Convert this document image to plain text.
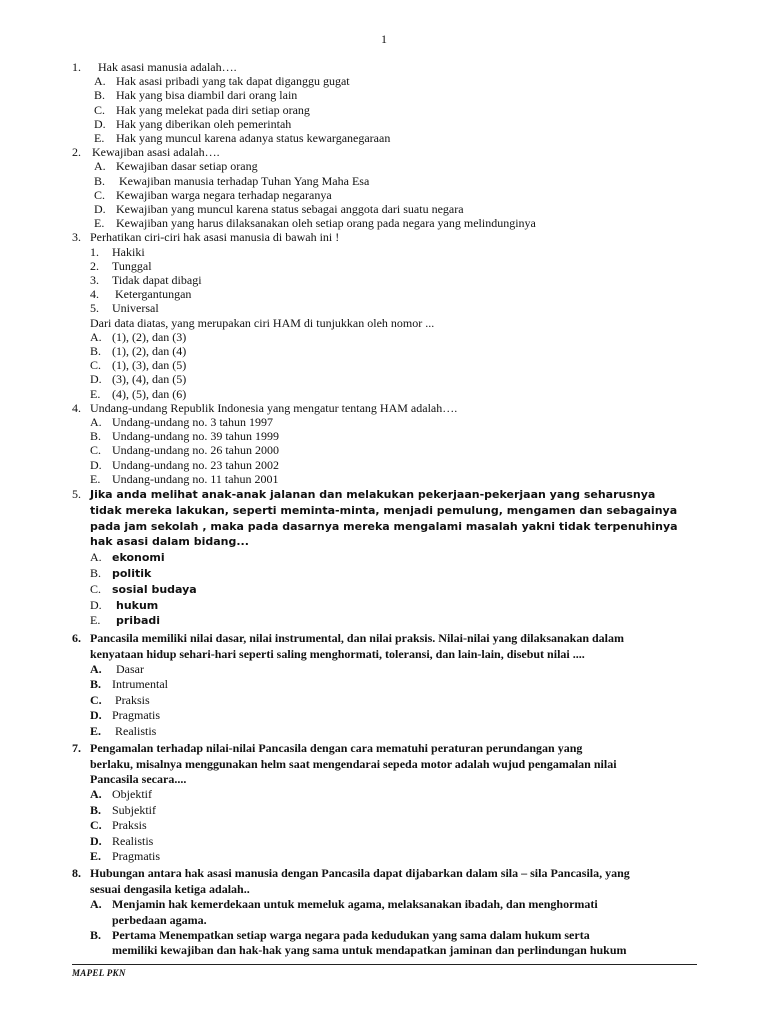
1
1. Hak asasi manusia adalah….
A. Hak asasi pribadi yang tak dapat diganggu gugat
B. Hak yang bisa diambil dari orang lain
C. Hak yang melekat pada diri setiap orang
D. Hak yang diberikan oleh pemerintah
E. Hak yang muncul karena adanya status kewarganegaraan
2. Kewajiban asasi adalah….
A. Kewajiban dasar setiap orang
B. Kewajiban manusia terhadap Tuhan Yang Maha Esa
C. Kewajiban warga negara terhadap negaranya
D. Kewajiban yang muncul karena status sebagai anggota dari suatu negara
E. Kewajiban yang harus dilaksanakan oleh setiap orang pada negara yang melindunginya
3. Perhatikan ciri-ciri hak asasi manusia di bawah ini !
1. Hakiki
2. Tunggal
3. Tidak dapat dibagi
4. Ketergantungan
5. Universal
Dari data diatas, yang merupakan ciri HAM di tunjukkan oleh nomor ...
A. (1), (2), dan (3)
B. (1), (2), dan (4)
C. (1), (3), dan (5)
D. (3), (4), dan (5)
E. (4), (5), dan (6)
4. Undang-undang Republik Indonesia yang mengatur tentang HAM adalah….
A. Undang-undang no. 3 tahun 1997
B. Undang-undang no. 39 tahun 1999
C. Undang-undang no. 26 tahun 2000
D. Undang-undang no. 23 tahun 2002
E. Undang-undang no. 11 tahun 2001
5. Jika anda melihat anak-anak jalanan dan melakukan pekerjaan-pekerjaan yang seharusnya
tidak mereka lakukan, seperti meminta-minta, menjadi pemulung, mengamen dan sebagainya
pada jam sekolah , maka pada dasarnya mereka mengalami masalah yakni tidak terpenuhinya
hak asasi dalam bidang...
A. ekonomi
B. politik
C. sosial budaya
D. hukum
E. pribadi
6. Pancasila memiliki nilai dasar, nilai instrumental, dan nilai praksis. Nilai-nilai yang dilaksanakan dalam
kenyataan hidup sehari-hari seperti saling menghormati, toleransi, dan lain-lain, disebut nilai ....
A. Dasar
B. Intrumental
C. Praksis
D. Pragmatis
E. Realistis
7. Pengamalan terhadap nilai-nilai Pancasila dengan cara mematuhi peraturan perundangan yang
berlaku, misalnya menggunakan helm saat mengendarai sepeda motor adalah wujud pengamalan nilai
Pancasila secara....
A. Objektif
B. Subjektif
C. Praksis
D. Realistis
E. Pragmatis
8. Hubungan antara hak asasi manusia dengan Pancasila dapat dijabarkan dalam sila – sila Pancasila, yang
sesuai dengasila ketiga adalah..
A. Menjamin hak kemerdekaan untuk memeluk agama, melaksanakan ibadah, dan menghormati
perbedaan agama.
B. Pertama Menempatkan setiap warga negara pada kedudukan yang sama dalam hukum serta
memiliki kewajiban dan hak-hak yang sama untuk mendapatkan jaminan dan perlindungan hukum
MAPEL PKN
